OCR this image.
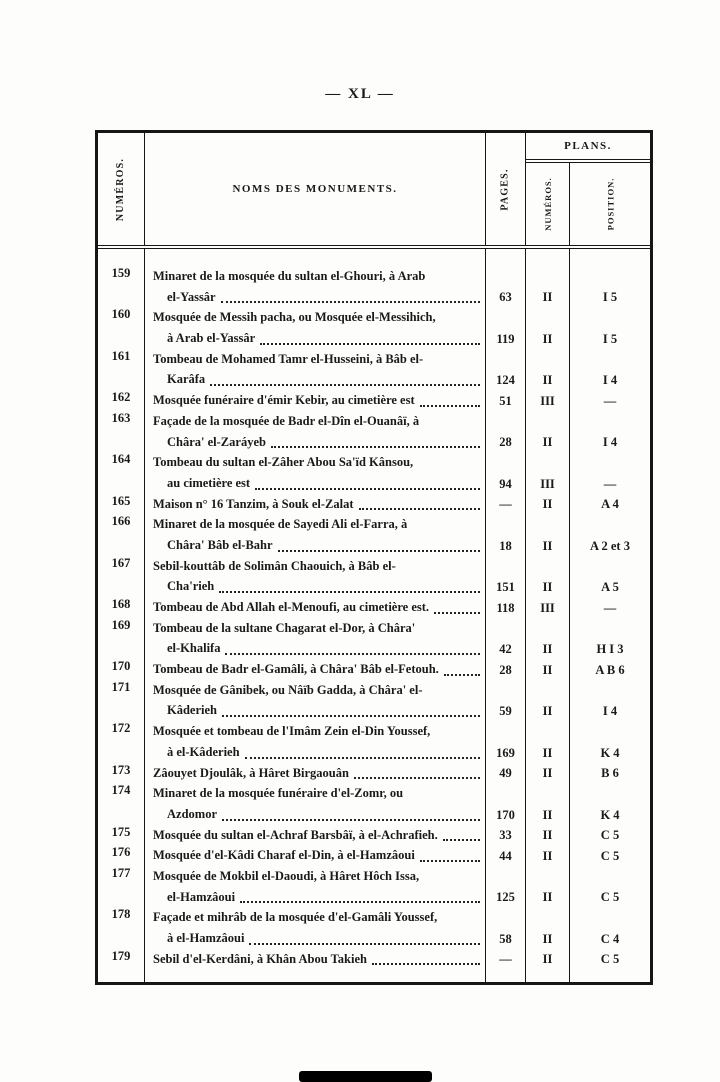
— XL —
NUMÉROS.	NOMS DES MONUMENTS.	PAGES.
PLANS.
NUMÉROS.	POSITION.
159	Minaret de la mosquée du sultan el-Ghouri, à Arab
el-Yassâr	63	II	I 5
160	Mosquée de Messih pacha, ou Mosquée el-Messihich,
à Arab el-Yassâr	119	II	I 5
161	Tombeau de Mohamed Tamr el-Husseini, à Bâb el-
Karâfa	124	II	I 4
162	Mosquée funéraire d'émir Kebir, au cimetière est	51	III	—
163	Façade de la mosquée de Badr el-Dîn el-Ouanâï, à
Châra' el-Zaráyeb	28	II	I 4
164	Tombeau du sultan el-Zâher Abou Sa'ïd Kânsou,
au cimetière est	94	III	—
165	Maison n° 16 Tanzim, à Souk el-Zalat	—	II	A 4
166	Minaret de la mosquée de Sayedi Ali el-Farra, à
Châra' Bâb el-Bahr	18	II	A 2 et 3
167	Sebil-kouttâb de Solimân Chaouich, à Bâb el-
Cha'rieh	151	II	A 5
168	Tombeau de Abd Allah el-Menoufi, au cimetière est.	118	III	—
169	Tombeau de la sultane Chagarat el-Dor, à Châra'
el-Khalifa	42	II	H I 3
170	Tombeau de Badr el-Gamâli, à Châra' Bâb el-Fetouh.	28	II	A B 6
171	Mosquée de Gânibek, ou Nâïb Gadda, à Châra' el-
Kâderieh	59	II	I 4
172	Mosquée et tombeau de l'Imâm Zein el-Din Youssef,
à el-Kâderieh	169	II	K 4
173	Zâouyet Djoulâk, à Hâret Birgaouân	49	II	B 6
174	Minaret de la mosquée funéraire d'el-Zomr, ou
Azdomor	170	II	K 4
175	Mosquée du sultan el-Achraf Barsbâï, à el-Achrafieh.	33	II	C 5
176	Mosquée d'el-Kâdi Charaf el-Din, à el-Hamzâoui	44	II	C 5
177	Mosquée de Mokbil el-Daoudi, à Hâret Hôch Issa,
el-Hamzâoui	125	II	C 5
178	Façade et mihrâb de la mosquée d'el-Gamâli Youssef,
à el-Hamzâoui	58	II	C 4
179	Sebil d'el-Kerdâni, à Khân Abou Takieh	—	II	C 5
